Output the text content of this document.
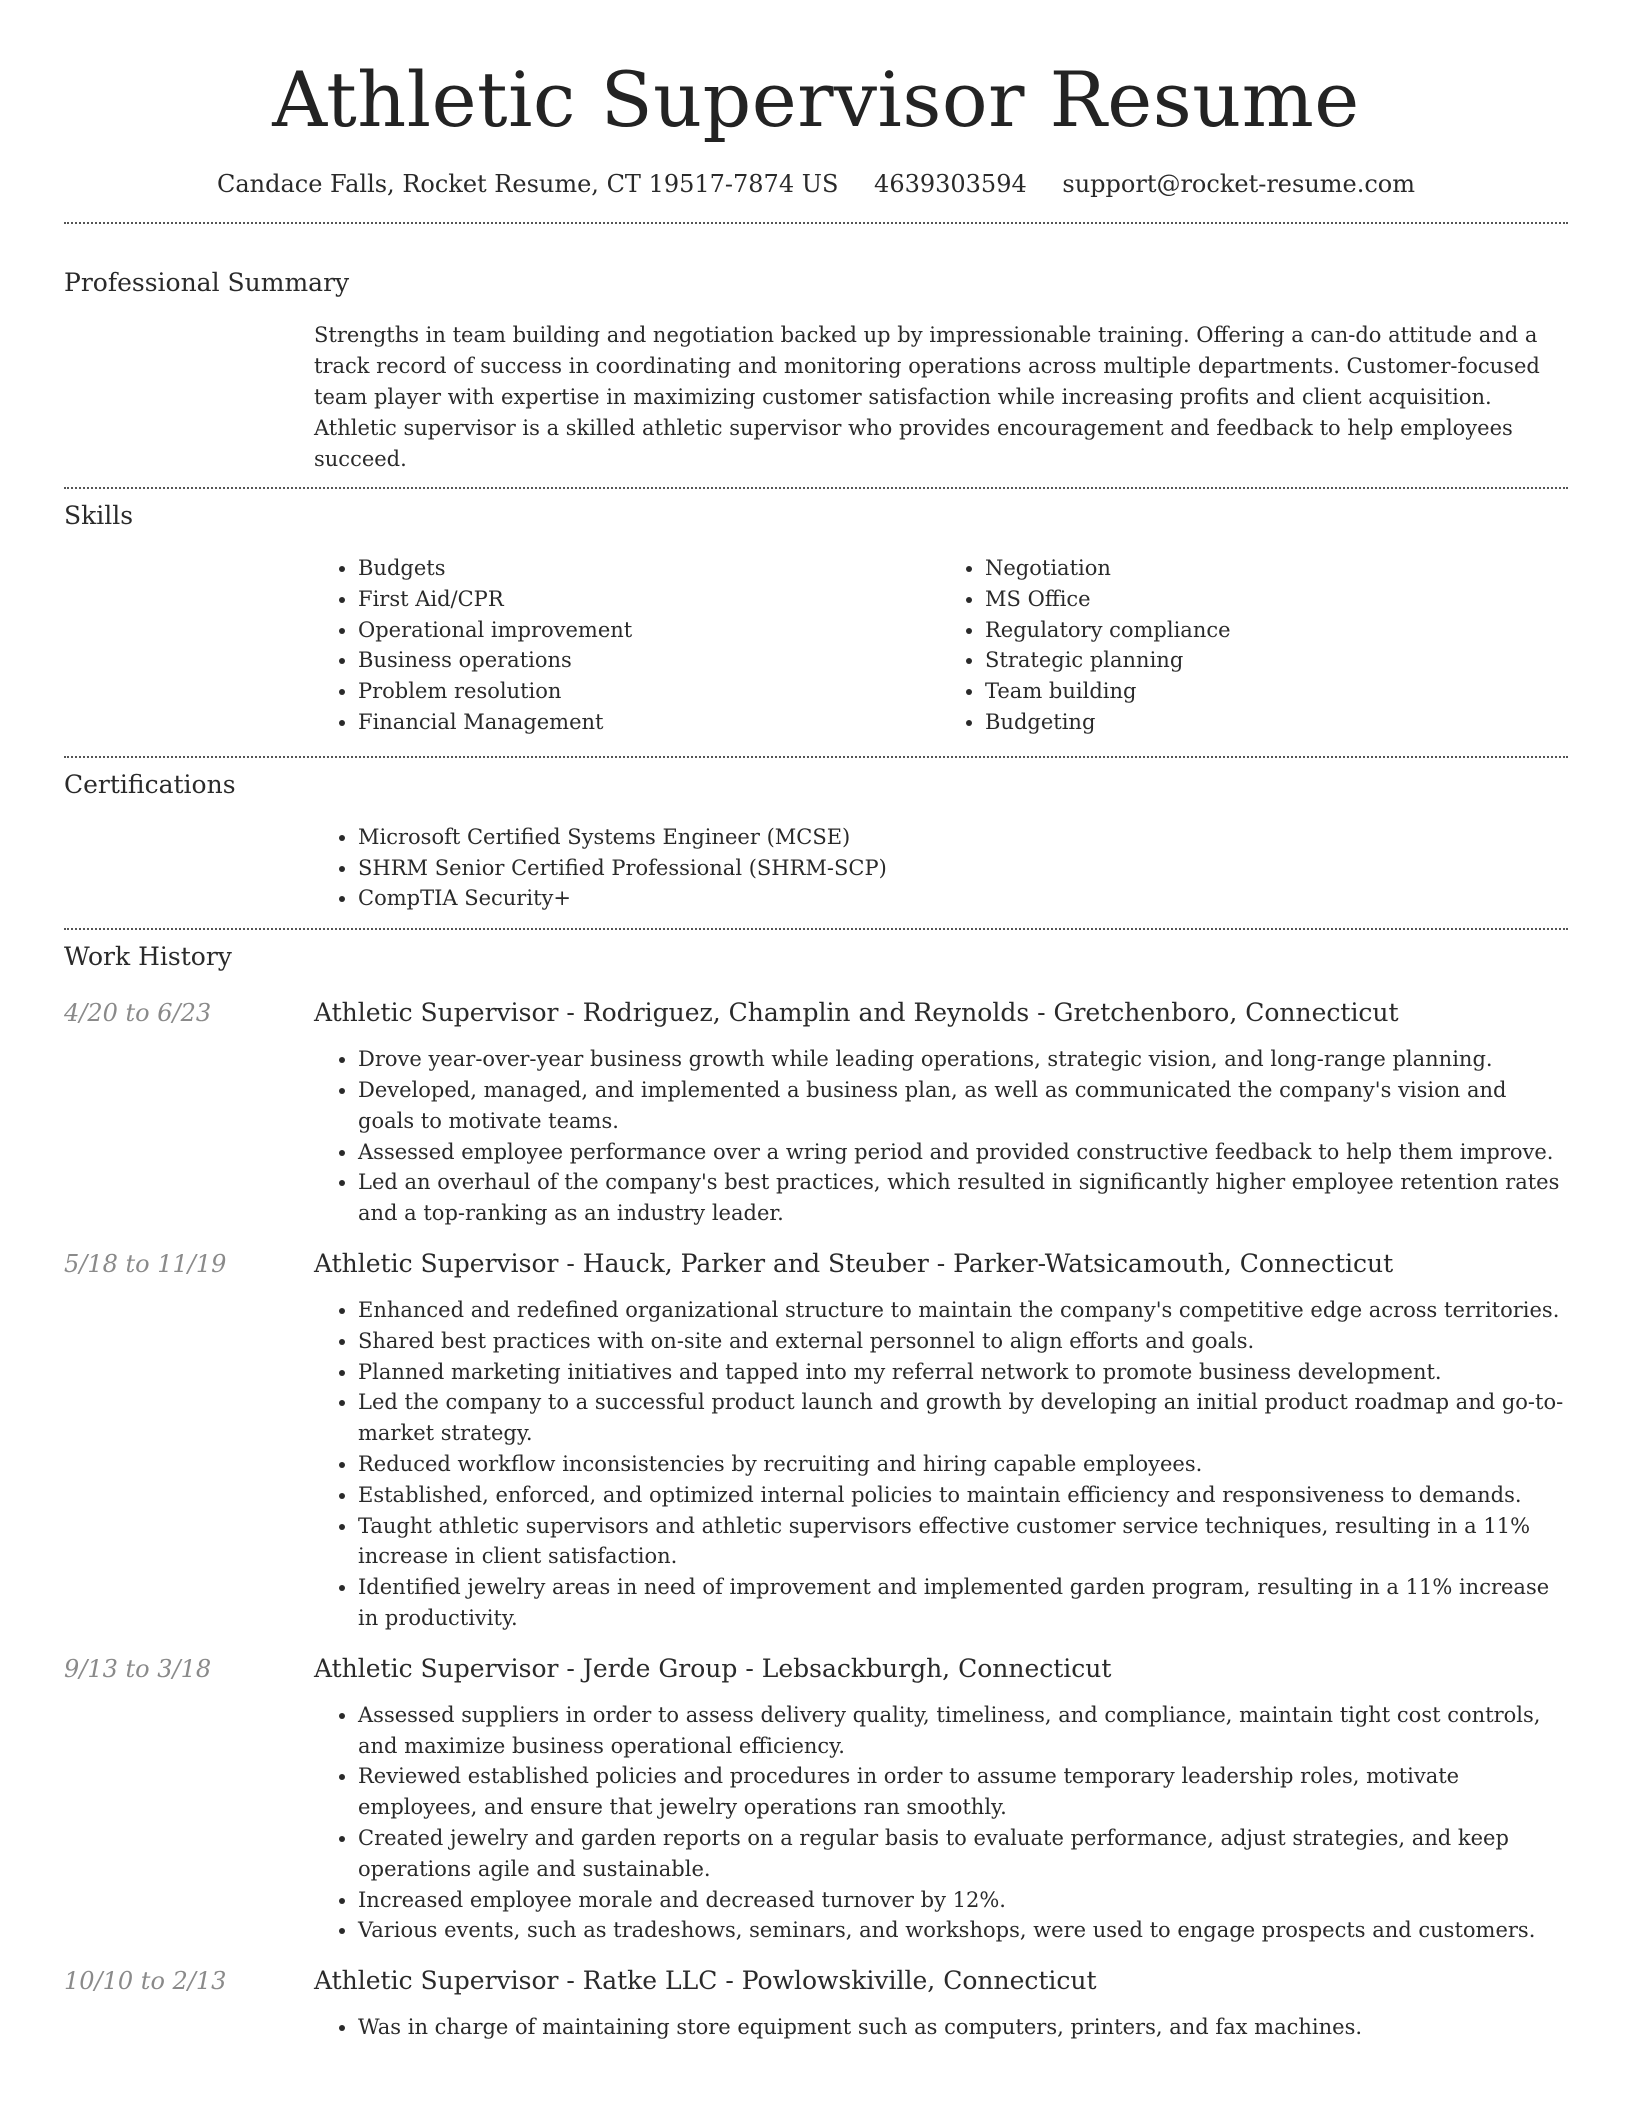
Athletic Supervisor Resume
Candace Falls, Rocket Resume, CT 19517-7874 US 4639303594 support@rocket-resume.com
Professional Summary

Strengths in team building and negotiation backed up by impressionable training. Offering a can-do attitude and a track record of success in coordinating and monitoring operations across multiple departments. Customer-focused team player with expertise in maximizing customer satisfaction while increasing profits and client acquisition. Athletic supervisor is a skilled athletic supervisor who provides encouragement and feedback to help employees succeed.

Skills
• Budgets
• First Aid/CPR
• Operational improvement
• Business operations
• Problem resolution
• Financial Management
• Negotiation
• MS Office
• Regulatory compliance
• Strategic planning
• Team building
• Budgeting
Certifications
• Microsoft Certified Systems Engineer (MCSE)
• SHRM Senior Certified Professional (SHRM-SCP)
• CompTIA Security+
Work History
4/20 to 6/23	Athletic Supervisor - Rodriguez, Champlin and Reynolds - Gretchenboro, Connecticut
• Drove year-over-year business growth while leading operations, strategic vision, and long-range planning.
• Developed, managed, and implemented a business plan, as well as communicated the company's vision and goals to motivate teams.
• Assessed employee performance over a wring period and provided constructive feedback to help them improve.
• Led an overhaul of the company's best practices, which resulted in significantly higher employee retention rates and a top-ranking as an industry leader.
5/18 to 11/19	Athletic Supervisor - Hauck, Parker and Steuber - Parker-Watsicamouth, Connecticut
• Enhanced and redefined organizational structure to maintain the company's competitive edge across territories.
• Shared best practices with on-site and external personnel to align efforts and goals.
• Planned marketing initiatives and tapped into my referral network to promote business development.
• Led the company to a successful product launch and growth by developing an initial product roadmap and go-to-market strategy.
• Reduced workflow inconsistencies by recruiting and hiring capable employees.
• Established, enforced, and optimized internal policies to maintain efficiency and responsiveness to demands.
• Taught athletic supervisors and athletic supervisors effective customer service techniques, resulting in a 11% increase in client satisfaction.
• Identified jewelry areas in need of improvement and implemented garden program, resulting in a 11% increase in productivity.
9/13 to 3/18	Athletic Supervisor - Jerde Group - Lebsackburgh, Connecticut
• Assessed suppliers in order to assess delivery quality, timeliness, and compliance, maintain tight cost controls, and maximize business operational efficiency.
• Reviewed established policies and procedures in order to assume temporary leadership roles, motivate employees, and ensure that jewelry operations ran smoothly.
• Created jewelry and garden reports on a regular basis to evaluate performance, adjust strategies, and keep operations agile and sustainable.
• Increased employee morale and decreased turnover by 12%.
• Various events, such as tradeshows, seminars, and workshops, were used to engage prospects and customers.
10/10 to 2/13	Athletic Supervisor - Ratke LLC - Powlowskiville, Connecticut
• Was in charge of maintaining store equipment such as computers, printers, and fax machines.
